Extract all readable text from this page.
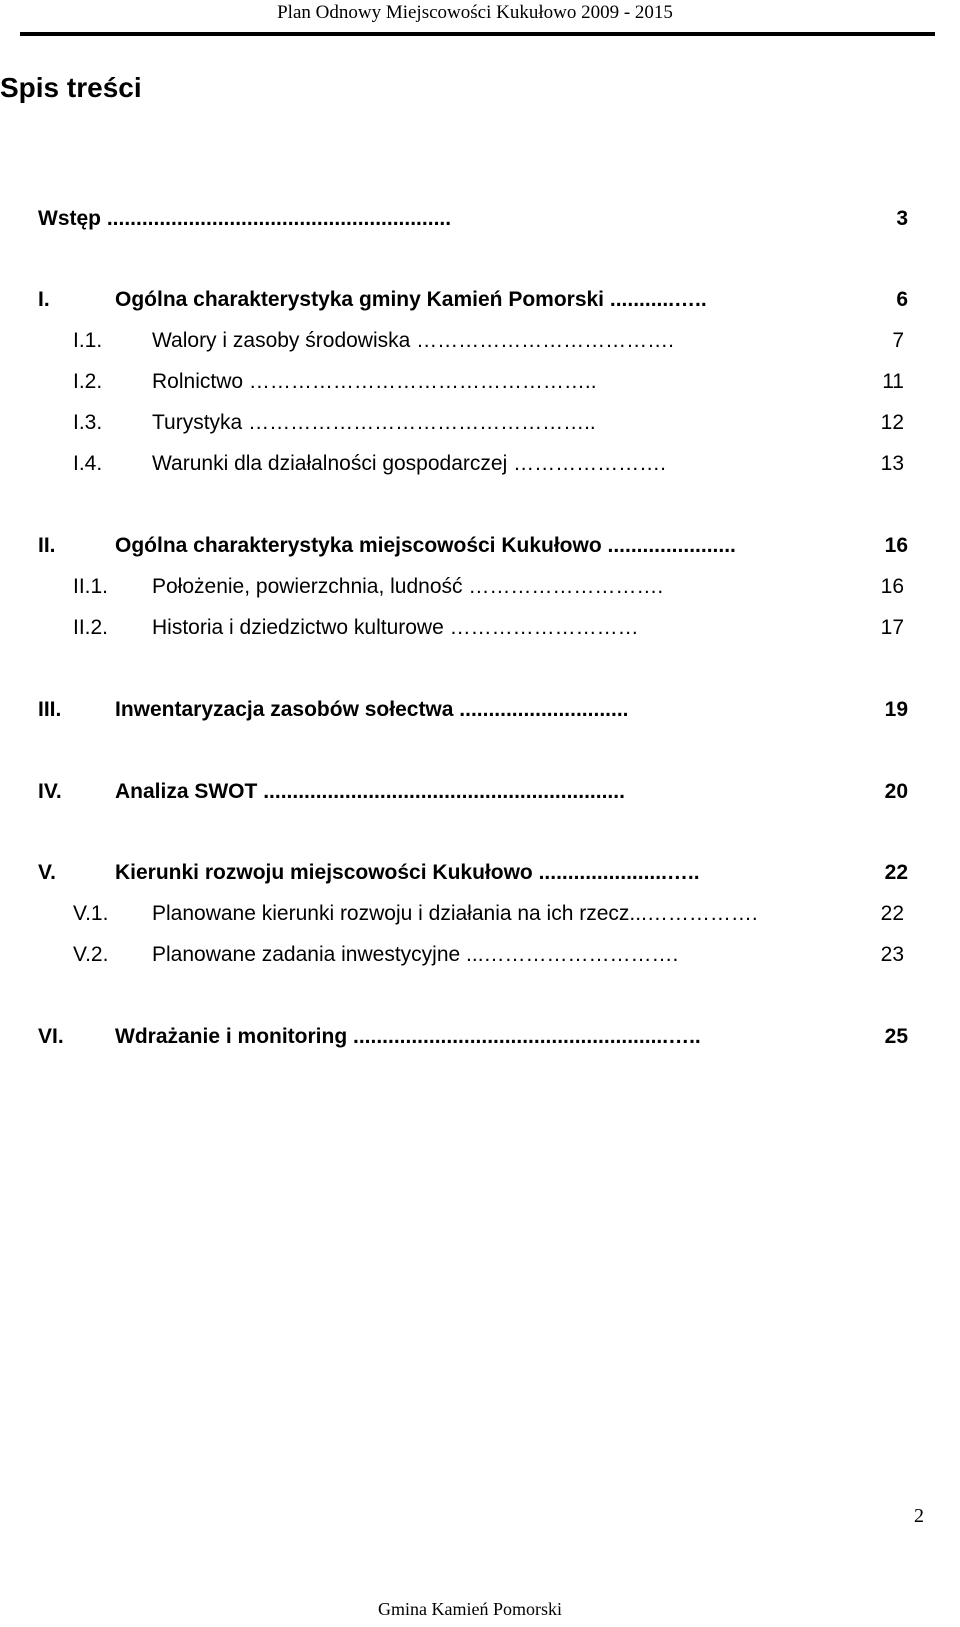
Plan Odnowy Miejscowości Kukułowo 2009 - 2015
Spis treści
Wstęp ...........................................................	3
I.	Ogólna charakterystyka gminy Kamień Pomorski ...........…..	6
I.1. Walory i zasoby środowiska ……………………………….	7
I.2. Rolnictwo …………………………………………..	11
I.3. Turystyka …………………………………………..	12
I.4. Warunki dla działalności gospodarczej ………………….	13
II.	Ogólna charakterystyka miejscowości Kukułowo ......................	16
II.1. Położenie, powierzchnia, ludność ……………………….	16
II.2. Historia i dziedzictwo kulturowe ………………………	17
III.	Inwentaryzacja zasobów sołectwa .............................	19
IV.	Analiza SWOT ..............................................................	20
V.	Kierunki rozwoju miejscowości Kukułowo ......................…..	22
V.1. Planowane kierunki rozwoju i działania na ich rzecz...…………….	22
V.2. Planowane zadania inwestycyjne ...……………………….	23
VI. Wdrażanie i monitoring ......................................................…..	25
2
Gmina Kamień Pomorski
